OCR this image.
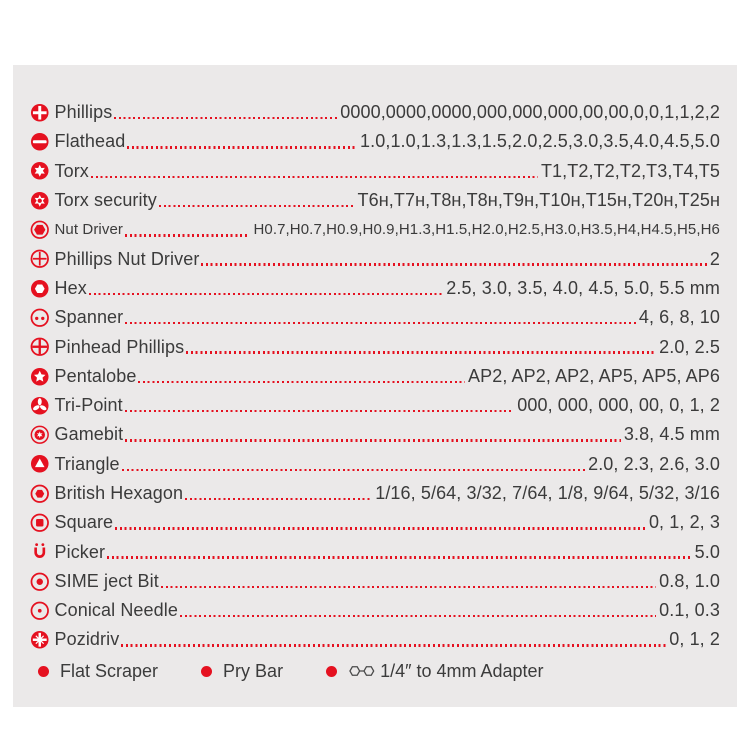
Phillips	0000,0000,0000,000,000,000,00,00,0,0,1,1,2,2
Flathead	1.0,1.0,1.3,1.3,1.5,2.0,2.5,3.0,3.5,4.0,4.5,5.0
Torx	T1,T2,T2,T2,T3,T4,T5
Torx security	T6ʜ,T7ʜ,T8ʜ,T8ʜ,T9ʜ,T10ʜ,T15ʜ,T20ʜ,T25ʜ
Nut Driver	H0.7,H0.7,H0.9,H0.9,H1.3,H1.5,H2.0,H2.5,H3.0,H3.5,H4,H4.5,H5,H6
Phillips Nut Driver	2
Hex	2.5, 3.0, 3.5, 4.0, 4.5, 5.0, 5.5 mm
Spanner	4, 6, 8, 10
Pinhead Phillips	2.0, 2.5
Pentalobe	AP2, AP2, AP2, AP5, AP5, AP6
Tri-Point	000, 000, 000, 00, 0, 1, 2
Gamebit	3.8, 4.5 mm
Triangle	2.0, 2.3, 2.6, 3.0
British Hexagon	1/16, 5/64, 3/32, 7/64, 1/8, 9/64, 5/32, 3/16
Square	0, 1, 2, 3
Picker	5.0
SIME ject Bit	0.8, 1.0
Conical Needle	0.1, 0.3
Pozidriv	0, 1, 2
Flat Scraper	Pry Bar	1/4″ to 4mm Adapter
